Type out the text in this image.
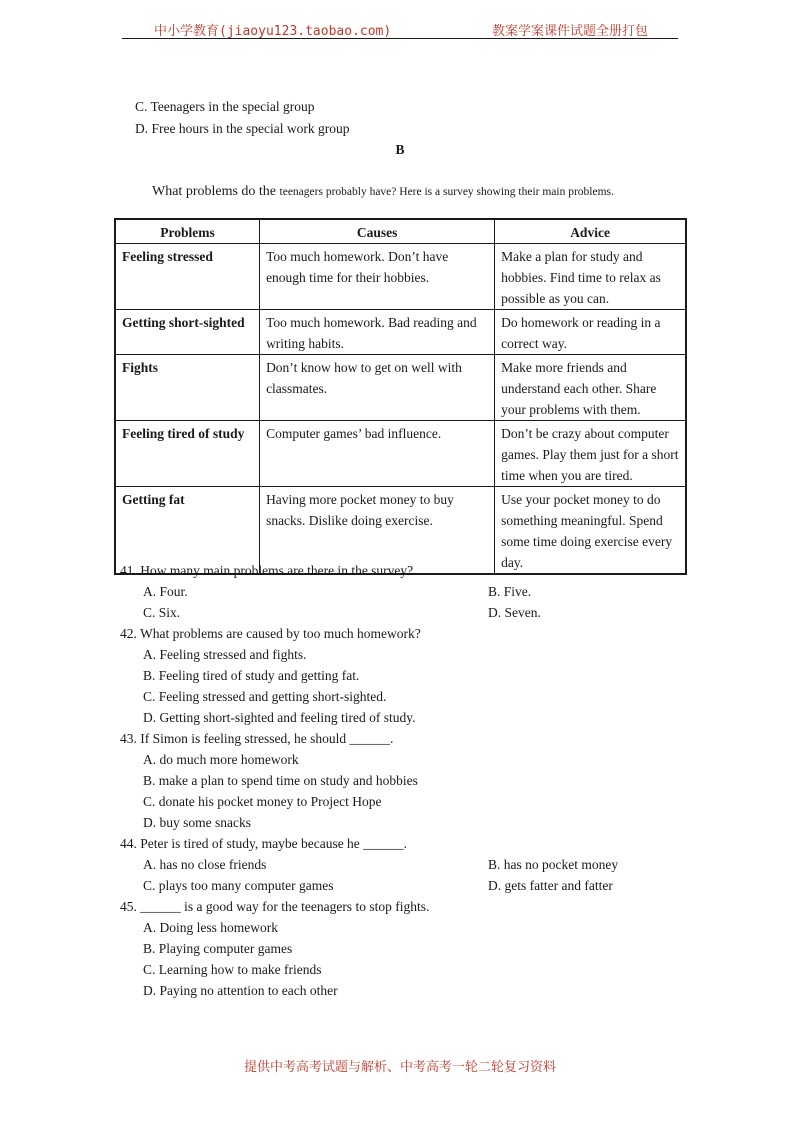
中小学教育(jiaoyu123.taobao.com)	教案学案课件试题全册打包
C. Teenagers in the special group
D. Free hours in the special work group
B
What problems do the teenagers probably have? Here is a survey showing their main problems.
Problems	Causes	Advice
Feeling stressed	Too much homework. Don’t have enough time for their hobbies.	Make a plan for study and hobbies. Find time to relax as possible as you can.
Getting short-sighted	Too much homework. Bad reading and writing habits.	Do homework or reading in a correct way.
Fights	Don’t know how to get on well with classmates.	Make more friends and understand each other. Share your problems with them.
Feeling tired of study	Computer games’ bad influence.	Don’t be crazy about computer games. Play them just for a short time when you are tired.
Getting fat	Having more pocket money to buy snacks. Dislike doing exercise.	Use your pocket money to do something meaningful. Spend some time doing exercise every day.
41. How many main problems are there in the survey?
A. Four.	B. Five.
C. Six.	D. Seven.
42. What problems are caused by too much homework?
A. Feeling stressed and fights.
B. Feeling tired of study and getting fat.
C. Feeling stressed and getting short-sighted.
D. Getting short-sighted and feeling tired of study.
43. If Simon is feeling stressed, he should ______.
A. do much more homework
B. make a plan to spend time on study and hobbies
C. donate his pocket money to Project Hope
D. buy some snacks
44. Peter is tired of study, maybe because he ______.
A. has no close friends	B. has no pocket money
C. plays too many computer games	D. gets fatter and fatter
45. ______ is a good way for the teenagers to stop fights.
A. Doing less homework
B. Playing computer games
C. Learning how to make friends
D. Paying no attention to each other
提供中考高考试题与解析、中考高考一轮二轮复习资料
